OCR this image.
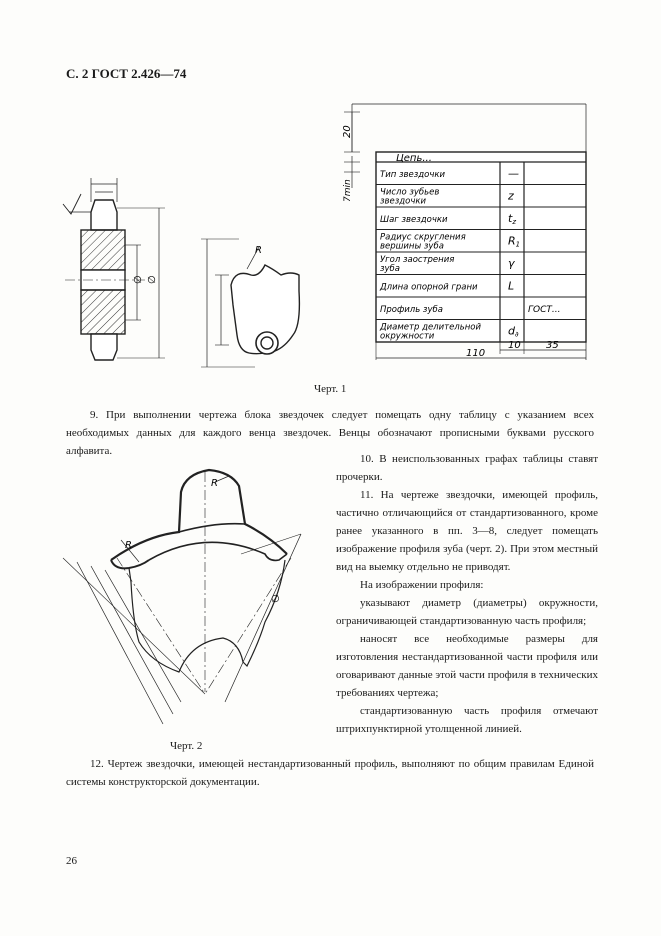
С. 2 ГОСТ 2.426—74
∅ ∅
R
20
7min
Цепь...
Тип звездочки	—
Число зубьев
звездочки	z
Шаг звездочки	tz
Радиус скругления
вершины зуба	R1
Угол заострения
зуба	γ
Длина опорной грани	L
Профиль зуба	ГОСТ...
Диаметр делительной
окружности	d∂
10	35
110
Черт. 1

9. При выполнении чертежа блока звездочек следует помещать одну таблицу с указанием всех необходимых данных для каждого венца звездочек. Венцы обозначают прописными буквами русского алфавита.

R
R
∅
Черт. 2

10. В неиспользованных графах таблицы ставят прочерки.

11. На чертеже звездочки, имеющей профиль, частично отличающийся от стандартизованного, кроме ранее указанного в пп. 3—8, следует помещать изображение профиля зуба (черт. 2). При этом местный вид на выемку отдельно не приводят.

На изображении профиля:

указывают диаметр (диаметры) окружности, ограничивающей стандартизованную часть профиля;

наносят все необходимые размеры для изготовления нестандартизованной части профиля или оговаривают данные этой части профиля в технических требованиях чертежа;

стандартизованную часть профиля отмечают штрихпунктирной утолщенной линией.

12. Чертеж звездочки, имеющей нестандартизованный профиль, выполняют по общим правилам Единой системы конструкторской документации.

26
